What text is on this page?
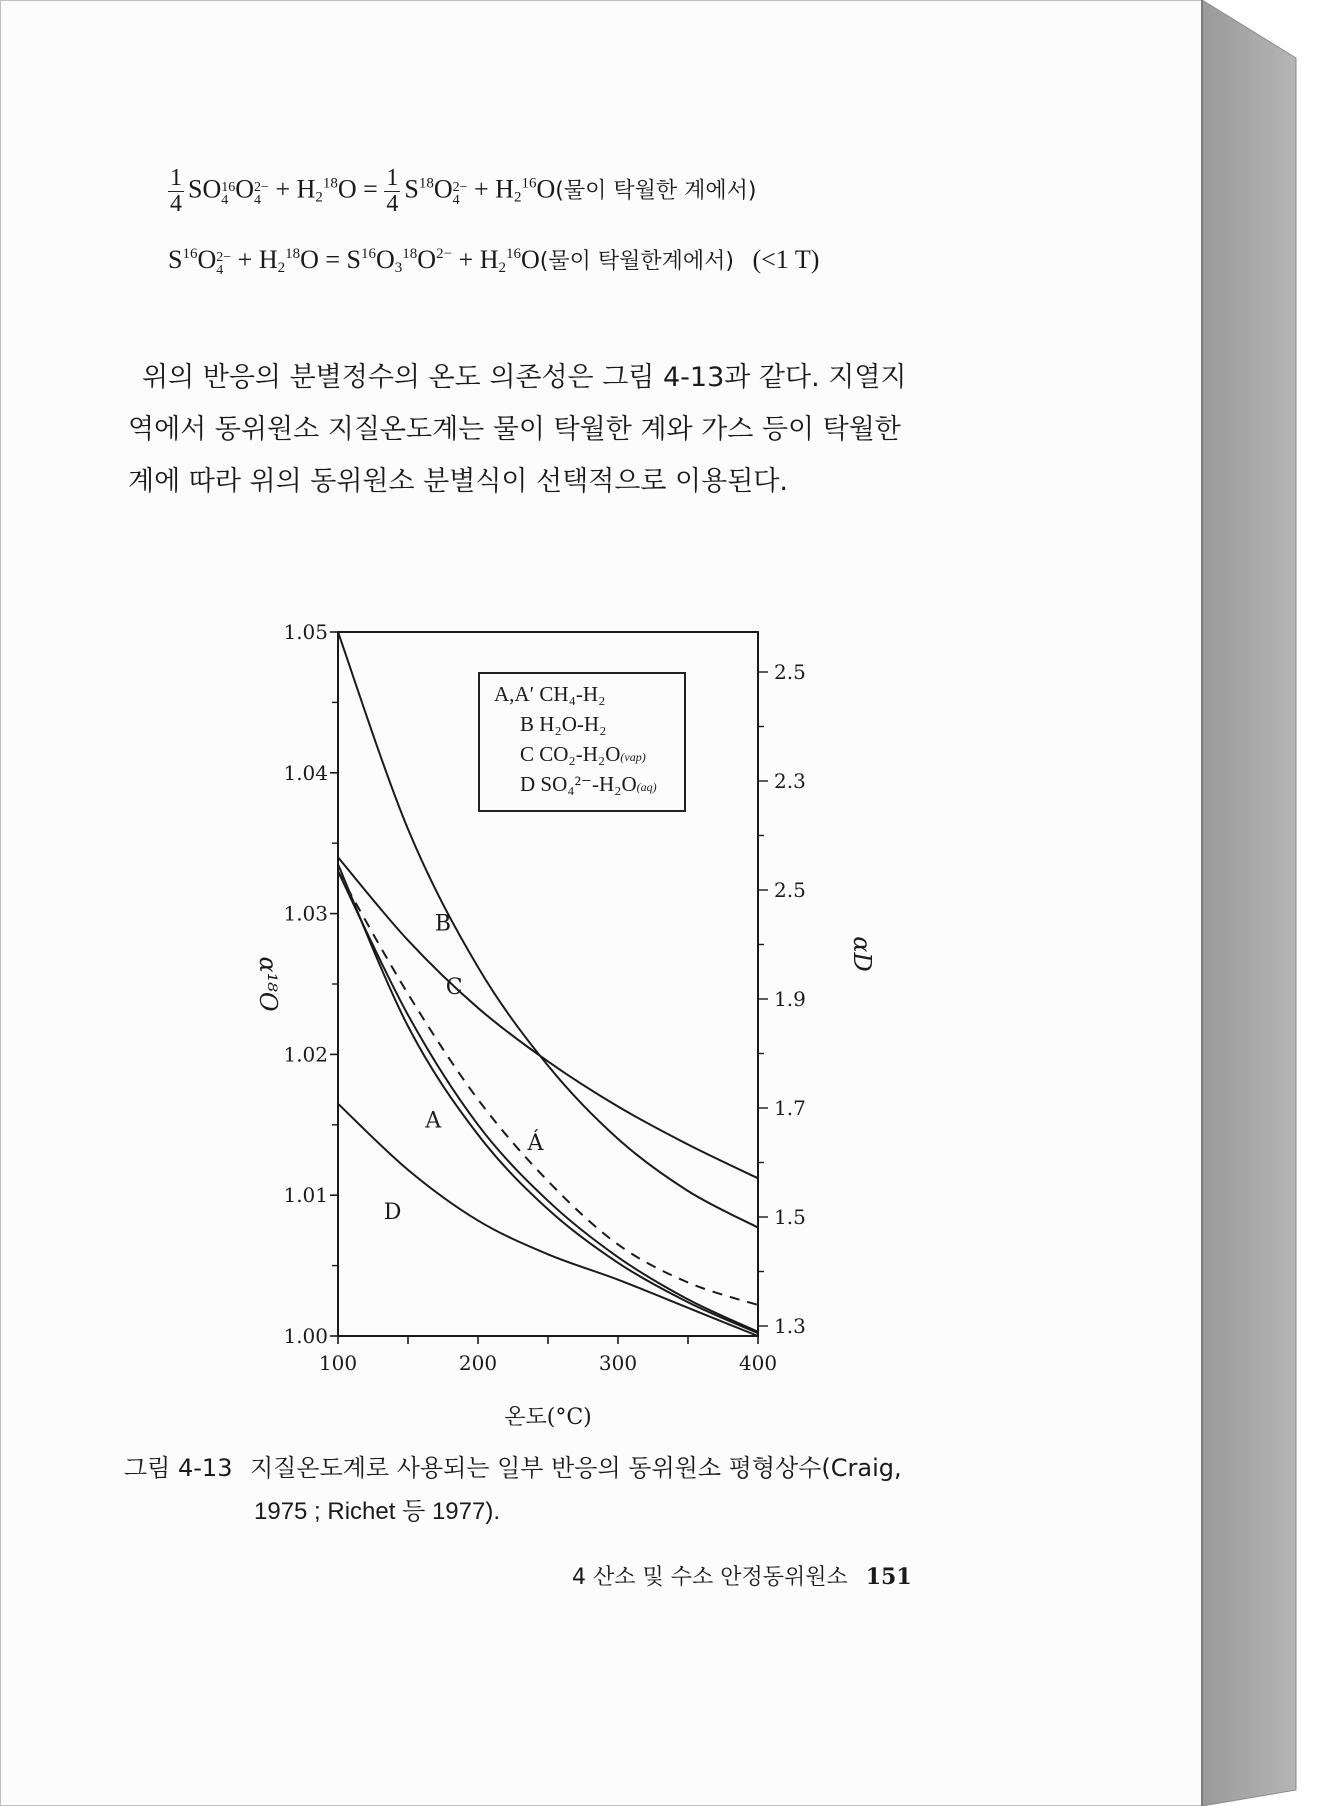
$\frac{1}{4}$ SO 16
4 O 2−
$4 + H_2^{18}O = \frac{1}{4} S^{18}O$ 2−
$4 + H_2^{16}O$(물이 탁월한 계에서)
$S^{16}O$ 2−
$4 + H_2^{18}O = S^{16}O_3^{18}O^{2-} + H_2^{16}O$(물이 탁월한계에서) (<1 T)
위의 반응의 분별정수의 온도 의존성은 그림 4-13과 같다. 지열지
역에서 동위원소 지질온도계는 물이 탁월한 계와 가스 등이 탁월한
계에 따라 위의 동위원소 분별식이 선택적으로 이용된다.
1.00
1.01
1.02
1.03
1.04
1.05
100	200	300	400
1.3
1.5
1.7
1.9
2.5
2.3
2.5
B
C
A
Á
D
온도(°C)
α¹⁸O
αD
A,A′ CH₄-H₂
B H₂O-H₂
C CO₂-H₂O(vap)
D SO₄²⁻-H₂O(aq)
그림 4-13 지질온도계로 사용되는 일부 반응의 동위원소 평형상수(Craig,
1975 ; Richet 등 1977).
4 산소 및 수소 안정동위원소 151
